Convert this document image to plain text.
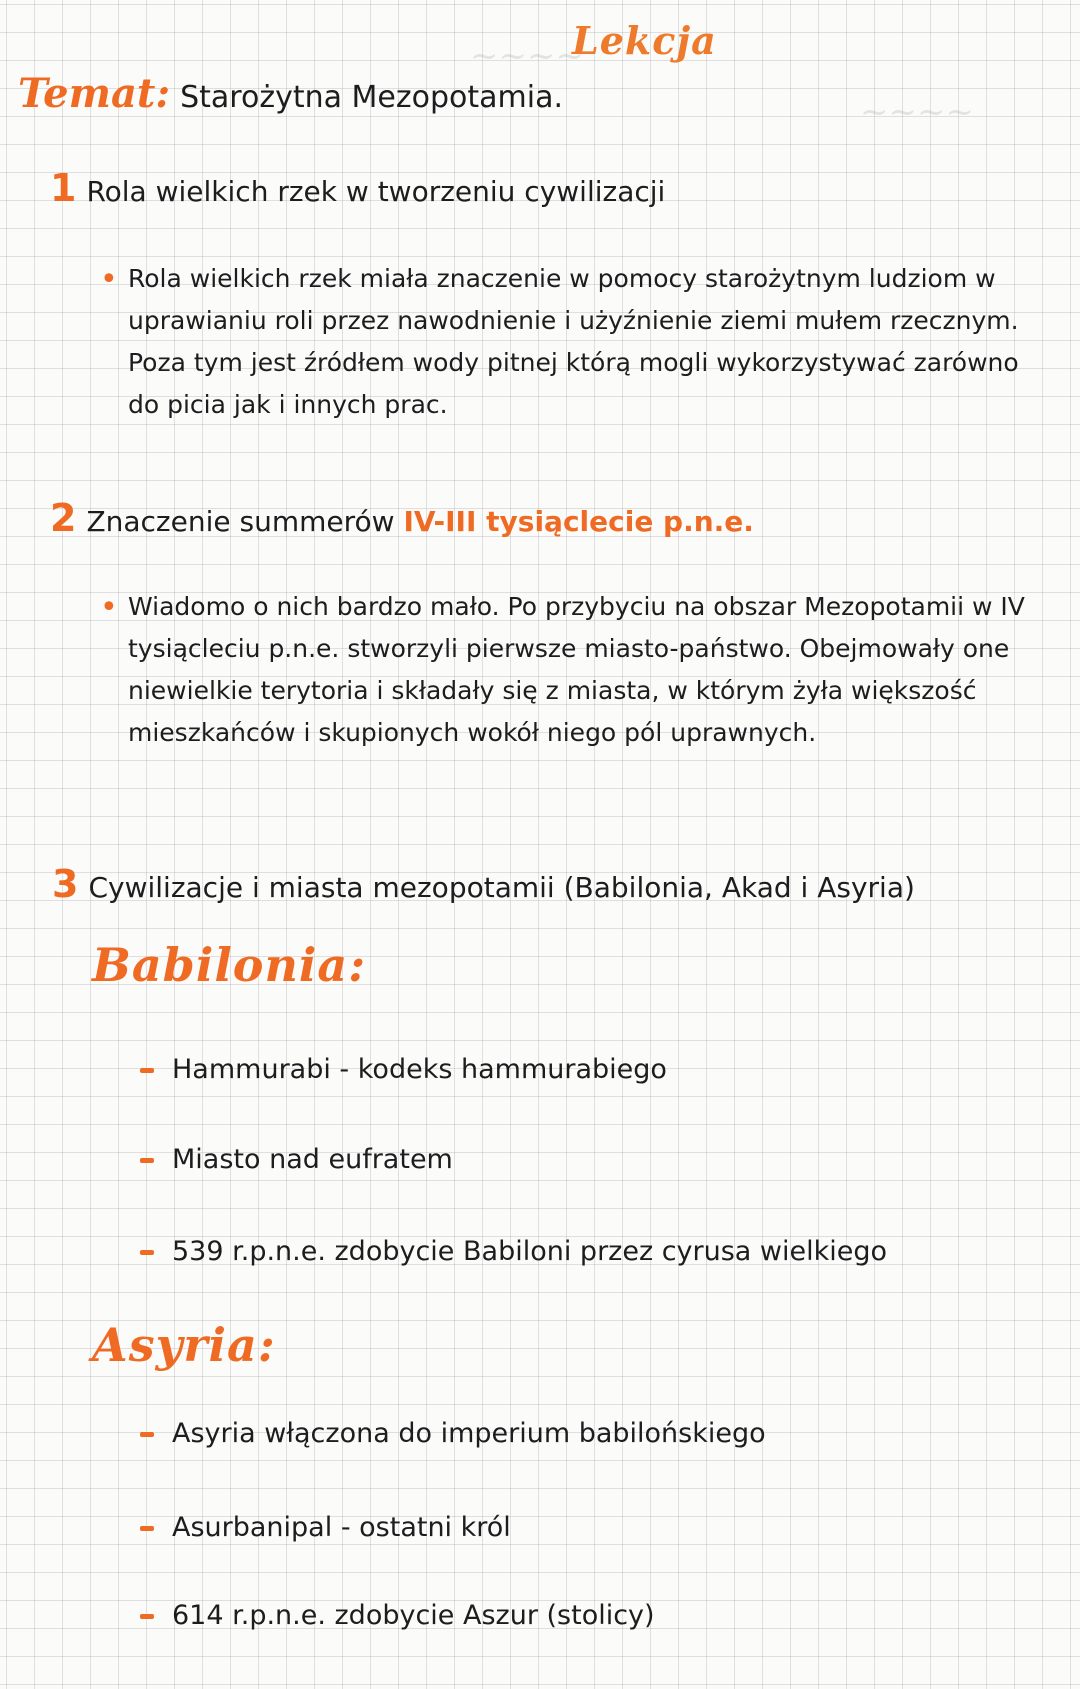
~~~~
~~~~
Lekcja
Temat: Starożytna Mezopotamia.
1 Rola wielkich rzek w tworzeniu cywilizacji
• Rola wielkich rzek miała znaczenie w pomocy starożytnym ludziom w uprawianiu roli przez nawodnienie i użyźnienie ziemi mułem rzecznym. Poza tym jest źródłem wody pitnej którą mogli wykorzystywać zarówno do picia jak i innych prac.
2 Znaczenie summerów IV-III tysiąclecie p.n.e.
• Wiadomo o nich bardzo mało. Po przybyciu na obszar Mezopotamii w IV tysiącleciu p.n.e. stworzyli pierwsze miasto-państwo. Obejmowały one niewielkie terytoria i składały się z miasta, w którym żyła większość mieszkańców i skupionych wokół niego pól uprawnych.
3 Cywilizacje i miasta mezopotamii (Babilonia, Akad i Asyria)
Babilonia:
Hammurabi - kodeks hammurabiego
Miasto nad eufratem
539 r.p.n.e. zdobycie Babiloni przez cyrusa wielkiego
Asyria:
Asyria włączona do imperium babilońskiego
Asurbanipal - ostatni król
614 r.p.n.e. zdobycie Aszur (stolicy)
